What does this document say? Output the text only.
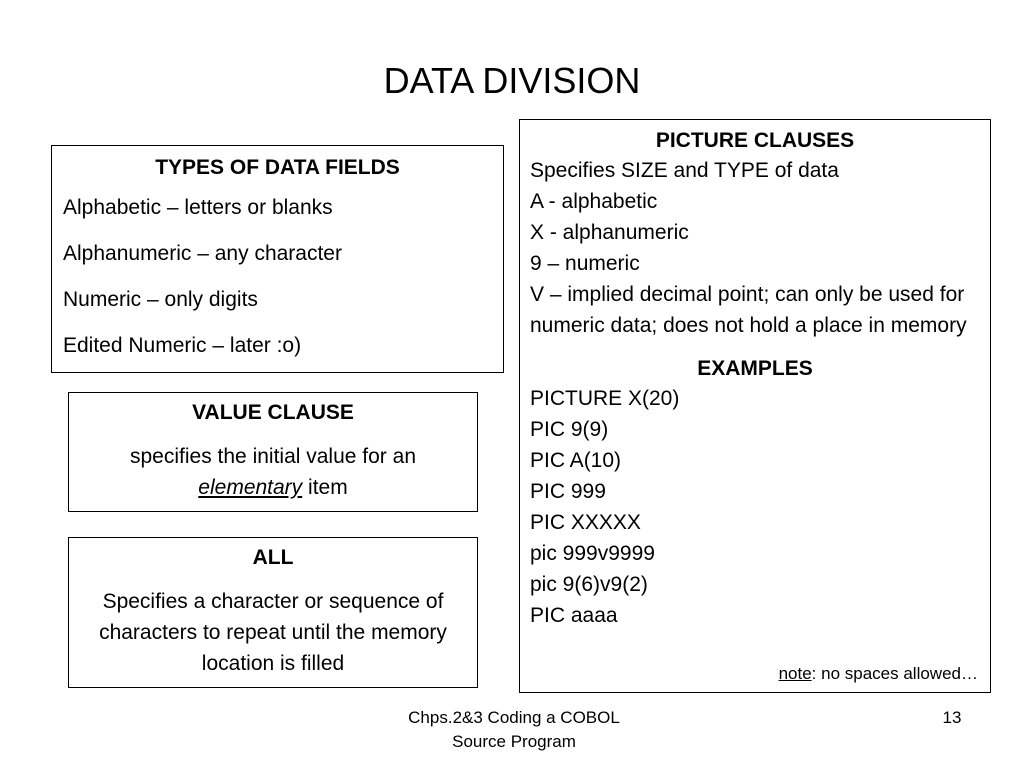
DATA DIVISION
TYPES OF DATA FIELDS
Alphabetic – letters or blanks
Alphanumeric – any character
Numeric – only digits
Edited Numeric – later :o)
VALUE CLAUSE
specifies the initial value for an elementary item
ALL
Specifies a character or sequence of characters to repeat until the memory location is filled
PICTURE CLAUSES
Specifies SIZE and TYPE of data
A - alphabetic
X - alphanumeric
9 – numeric
V – implied decimal point; can only be used for numeric data; does not hold a place in memory
EXAMPLES
PICTURE X(20)
PIC 9(9)
PIC A(10)
PIC 999
PIC XXXXX
pic 999v9999
pic 9(6)v9(2)
PIC aaaa
note: no spaces allowed…
Chps.2&3 Coding a COBOL
Source Program
13
